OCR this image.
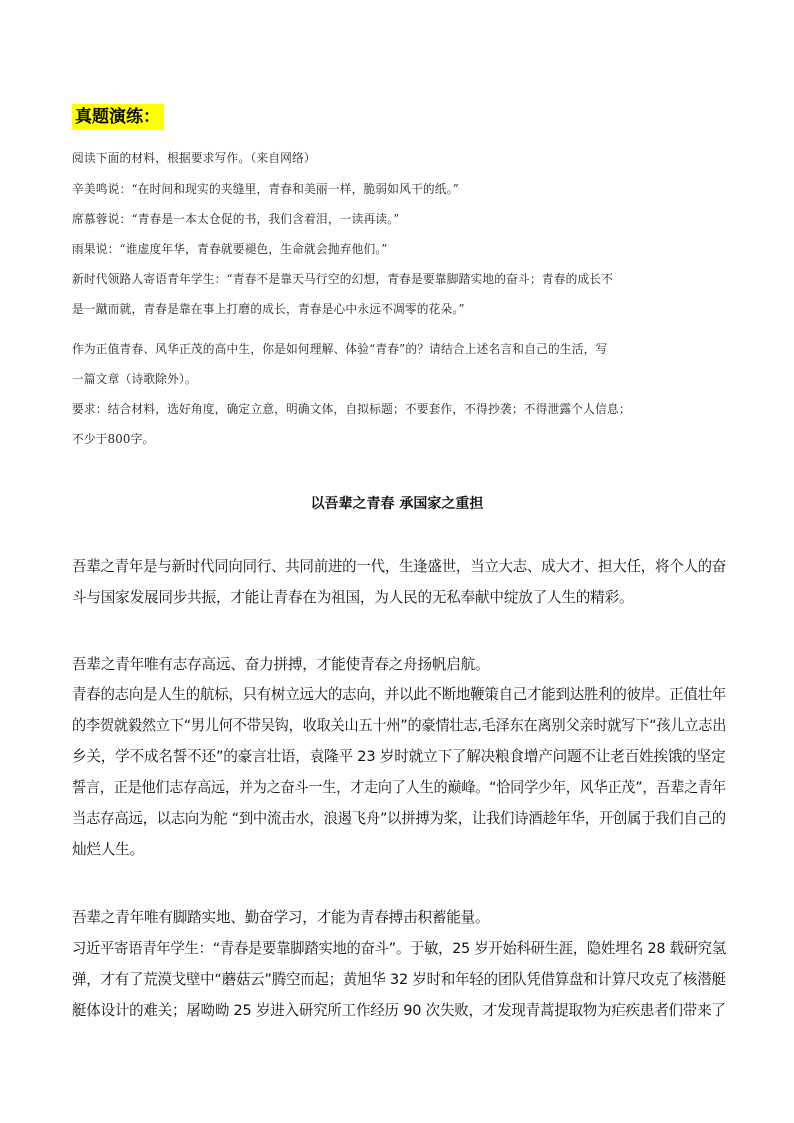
真题演练：
阅读下面的材料，根据要求写作。（来自网络）
辛美鸣说：“在时间和现实的夹缝里，青春和美丽一样，脆弱如风干的纸。”
席慕蓉说：“青春是一本太仓促的书，我们含着泪，一读再读。”
雨果说：“谁虚度年华，青春就要褪色，生命就会抛弃他们。”
新时代领路人寄语青年学生：“青春不是靠天马行空的幻想，青春是要靠脚踏实地的奋斗；青春的成长不
是一蹴而就，青春是靠在事上打磨的成长，青春是心中永远不凋零的花朵。”
作为正值青春、风华正茂的高中生，你是如何理解、体验“青春”的？请结合上述名言和自己的生活，写
一篇文章（诗歌除外）。
要求：结合材料，选好角度，确定立意，明确文体，自拟标题；不要套作，不得抄袭；不得泄露个人信息；
不少于800字。
以吾辈之青春 承国家之重担
吾辈之青年是与新时代同向同行、共同前进的一代，生逢盛世，当立大志、成大才、担大任，将个人的奋
斗与国家发展同步共振，才能让青春在为祖国，为人民的无私奉献中绽放了人生的精彩。
吾辈之青年唯有志存高远、奋力拼搏，才能使青春之舟扬帆启航。
青春的志向是人生的航标，只有树立远大的志向，并以此不断地鞭策自己才能到达胜利的彼岸。正值壮年
的李贺就毅然立下“男儿何不带吴钩，收取关山五十州”的豪情壮志,毛泽东在离别父亲时就写下“孩儿立志出
乡关，学不成名誓不还”的豪言壮语，袁隆平 23 岁时就立下了解决粮食增产问题不让老百姓挨饿的坚定
誓言，正是他们志存高远，并为之奋斗一生，才走向了人生的巅峰。“恰同学少年，风华正茂”，吾辈之青年
当志存高远，以志向为舵 “到中流击水，浪遏飞舟”以拼搏为桨，让我们诗酒趁年华，开创属于我们自己的
灿烂人生。
吾辈之青年唯有脚踏实地、勤奋学习，才能为青春搏击积蓄能量。
习近平寄语青年学生：“青春是要靠脚踏实地的奋斗”。于敏，25 岁开始科研生涯，隐姓埋名 28 载研究氢
弹，才有了荒漠戈壁中“蘑菇云”腾空而起；黄旭华 32 岁时和年轻的团队凭借算盘和计算尺攻克了核潜艇
艇体设计的难关；屠呦呦 25 岁进入研究所工作经历 90 次失败，才发现青蒿提取物为疟疾患者们带来了
